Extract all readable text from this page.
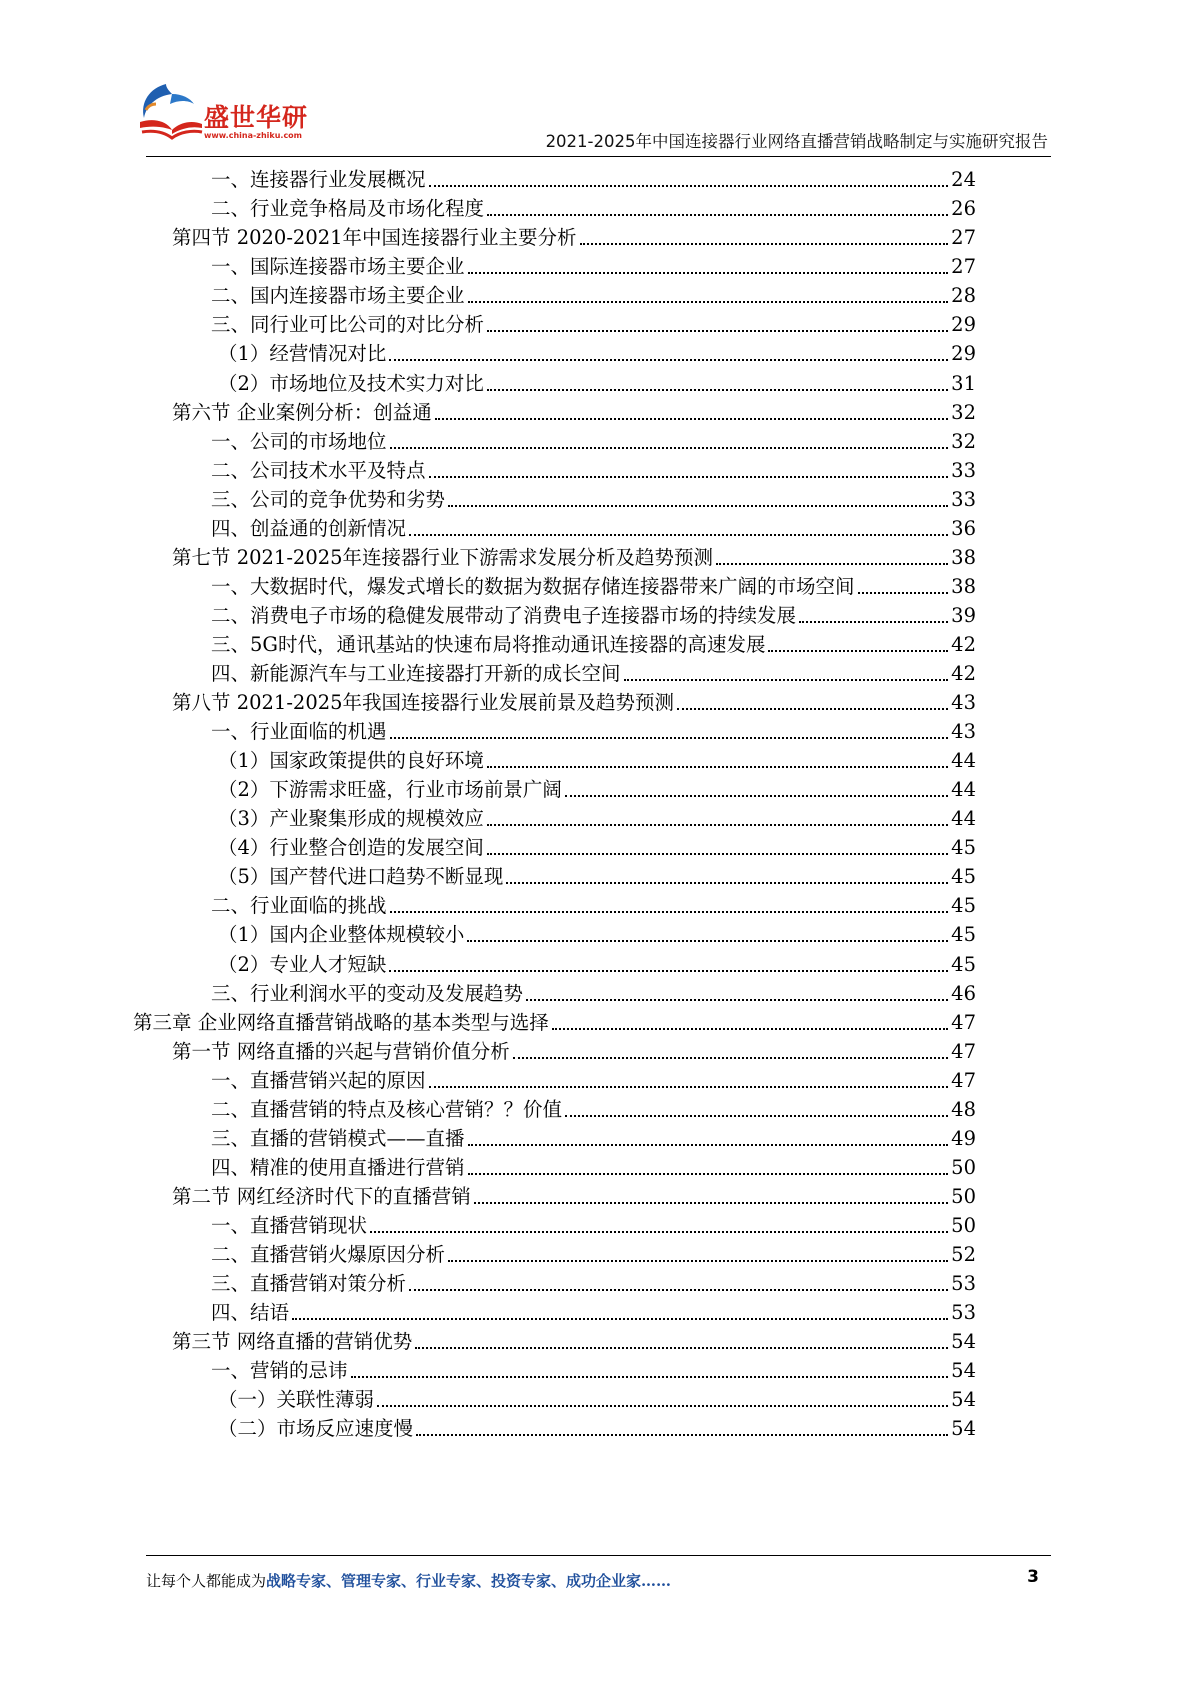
盛世华研
www.china-zhiku.com	2021-2025年中国连接器行业网络直播营销战略制定与实施研究报告
一、连接器行业发展概况	24
二、行业竞争格局及市场化程度	26
第四节 2020-2021年中国连接器行业主要分析	27
一、国际连接器市场主要企业	27
二、国内连接器市场主要企业	28
三、同行业可比公司的对比分析	29
（1）经营情况对比	29
（2）市场地位及技术实力对比	31
第六节 企业案例分析：创益通	32
一、公司的市场地位	32
二、公司技术水平及特点	33
三、公司的竞争优势和劣势	33
四、创益通的创新情况	36
第七节 2021-2025年连接器行业下游需求发展分析及趋势预测	38
一、大数据时代，爆发式增长的数据为数据存储连接器带来广阔的市场空间	38
二、消费电子市场的稳健发展带动了消费电子连接器市场的持续发展	39
三、5G时代，通讯基站的快速布局将推动通讯连接器的高速发展	42
四、新能源汽车与工业连接器打开新的成长空间	42
第八节 2021-2025年我国连接器行业发展前景及趋势预测	43
一、行业面临的机遇	43
（1）国家政策提供的良好环境	44
（2）下游需求旺盛，行业市场前景广阔	44
（3）产业聚集形成的规模效应	44
（4）行业整合创造的发展空间	45
（5）国产替代进口趋势不断显现	45
二、行业面临的挑战	45
（1）国内企业整体规模较小	45
（2）专业人才短缺	45
三、行业利润水平的变动及发展趋势	46
第三章 企业网络直播营销战略的基本类型与选择	47
第一节 网络直播的兴起与营销价值分析	47
一、直播营销兴起的原因	47
二、直播营销的特点及核心营销？？价值	48
三、直播的营销模式——直播	49
四、精准的使用直播进行营销	50
第二节 网红经济时代下的直播营销	50
一、直播营销现状	50
二、直播营销火爆原因分析	52
三、直播营销对策分析	53
四、结语	53
第三节 网络直播的营销优势	54
一、营销的忌讳	54
（一）关联性薄弱	54
（二）市场反应速度慢	54
让每个人都能成为战略专家、管理专家、行业专家、投资专家、成功企业家……	3
